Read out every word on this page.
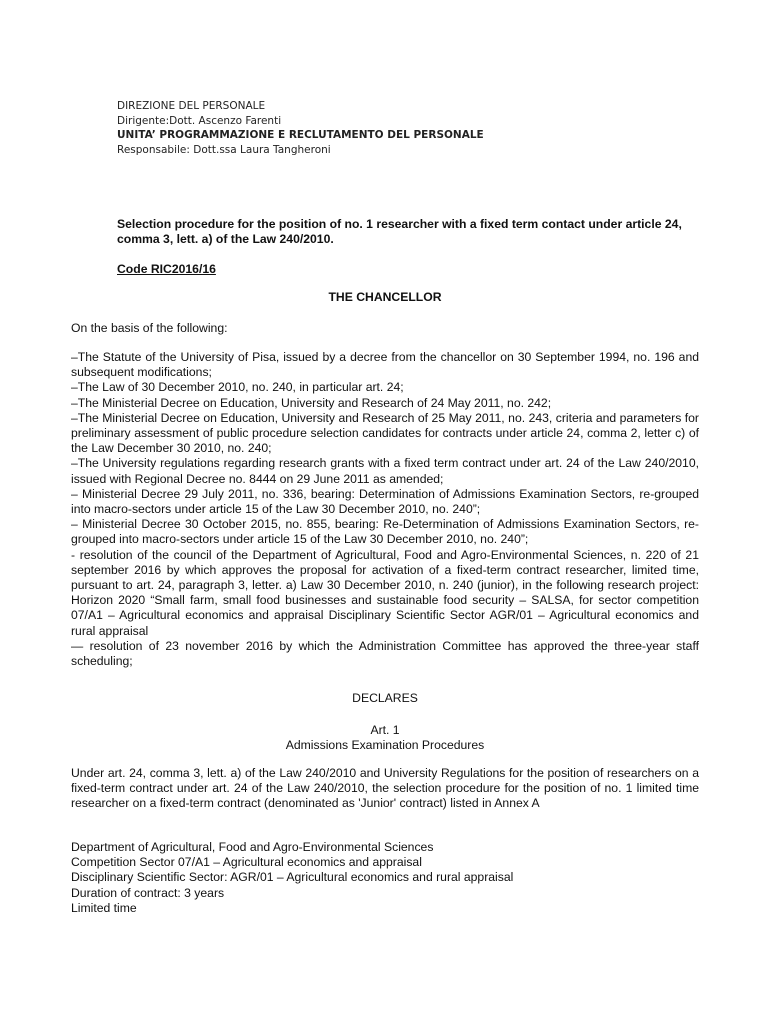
DIREZIONE DEL PERSONALE
Dirigente:Dott. Ascenzo Farenti
UNITA’ PROGRAMMAZIONE E RECLUTAMENTO DEL PERSONALE
Responsabile: Dott.ssa Laura Tangheroni
Selection procedure for the position of no. 1 researcher with a fixed term contact under article 24, comma 3, lett. a) of the Law 240/2010.
Code RIC2016/16
THE CHANCELLOR
On the basis of the following:

–The Statute of the University of Pisa, issued by a decree from the chancellor on 30 September 1994, no. 196 and subsequent modifications;

–The Law of 30 December 2010, no. 240, in particular art. 24;

–The Ministerial Decree on Education, University and Research of 24 May 2011, no. 242;

–The Ministerial Decree on Education, University and Research of 25 May 2011, no. 243, criteria and parameters for preliminary assessment of public procedure selection candidates for contracts under article 24, comma 2, letter c) of the Law December 30 2010, no. 240;

–The University regulations regarding research grants with a fixed term contract under art. 24 of the Law 240/2010, issued with Regional Decree no. 8444 on 29 June 2011 as amended;

– Ministerial Decree 29 July 2011, no. 336, bearing: Determination of Admissions Examination Sectors, re-grouped into macro-sectors under article 15 of the Law 30 December 2010, no. 240”;

– Ministerial Decree 30 October 2015, no. 855, bearing: Re-Determination of Admissions Examination Sectors, re-grouped into macro-sectors under article 15 of the Law 30 December 2010, no. 240”;

- resolution of the council of the Department of Agricultural, Food and Agro-Environmental Sciences, n. 220 of 21 september 2016 by which approves the proposal for activation of a fixed-term contract researcher, limited time, pursuant to art. 24, paragraph 3, letter. a) Law 30 December 2010, n. 240 (junior), in the following research project: Horizon 2020 “Small farm, small food businesses and sustainable food security – SALSA, for sector competition 07/A1 – Agricultural economics and appraisal Disciplinary Scientific Sector AGR/01 – Agricultural economics and rural appraisal

— resolution of 23 november 2016 by which the Administration Committee has approved the three-year staff scheduling;

DECLARES
Art. 1
Admissions Examination Procedures
Under art. 24, comma 3, lett. a) of the Law 240/2010 and University Regulations for the position of researchers on a fixed-term contract under art. 24 of the Law 240/2010, the selection procedure for the position of no. 1 limited time researcher on a fixed-term contract (denominated as 'Junior' contract) listed in Annex A
Department of Agricultural, Food and Agro-Environmental Sciences
Competition Sector 07/A1 – Agricultural economics and appraisal
Disciplinary Scientific Sector: AGR/01 – Agricultural economics and rural appraisal
Duration of contract: 3 years
Limited time
